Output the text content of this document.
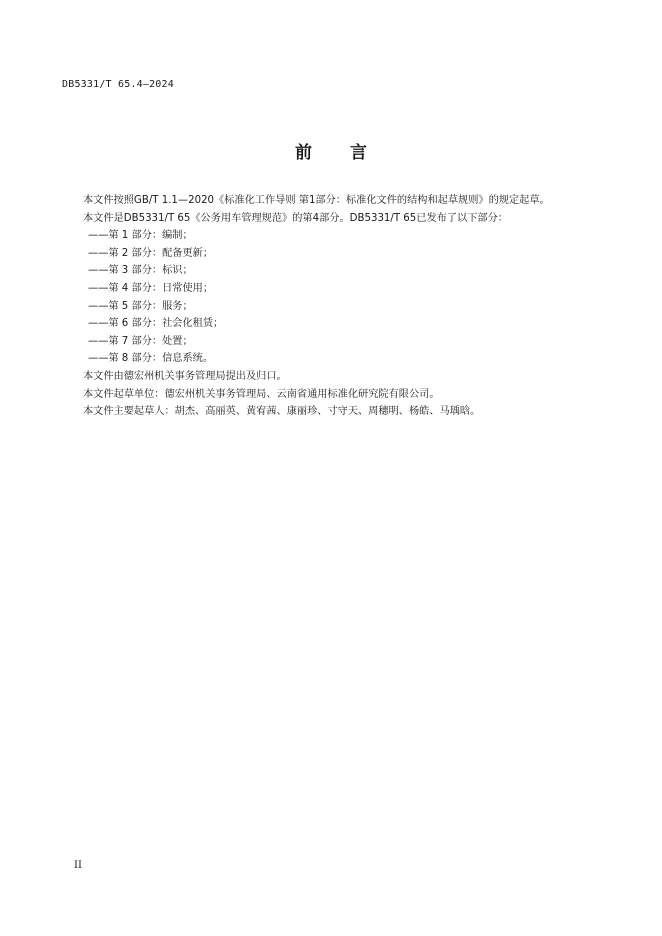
DB5331/T 65.4—2024
前言

本文件按照GB/T 1.1—2020《标准化工作导则 第1部分：标准化文件的结构和起草规则》的规定起草。

本文件是DB5331/T 65《公务用车管理规范》的第4部分。DB5331/T 65已发布了以下部分：

——第 1 部分：编制；

——第 2 部分：配备更新；

——第 3 部分：标识；

——第 4 部分：日常使用；

——第 5 部分：服务；

——第 6 部分：社会化租赁；

——第 7 部分：处置；

——第 8 部分：信息系统。

本文件由德宏州机关事务管理局提出及归口。

本文件起草单位：德宏州机关事务管理局、云南省通用标准化研究院有限公司。

本文件主要起草人：胡杰、高丽英、黄宥茜、康丽珍、寸守天、周穗明、杨皓、马瑀晗。

II
